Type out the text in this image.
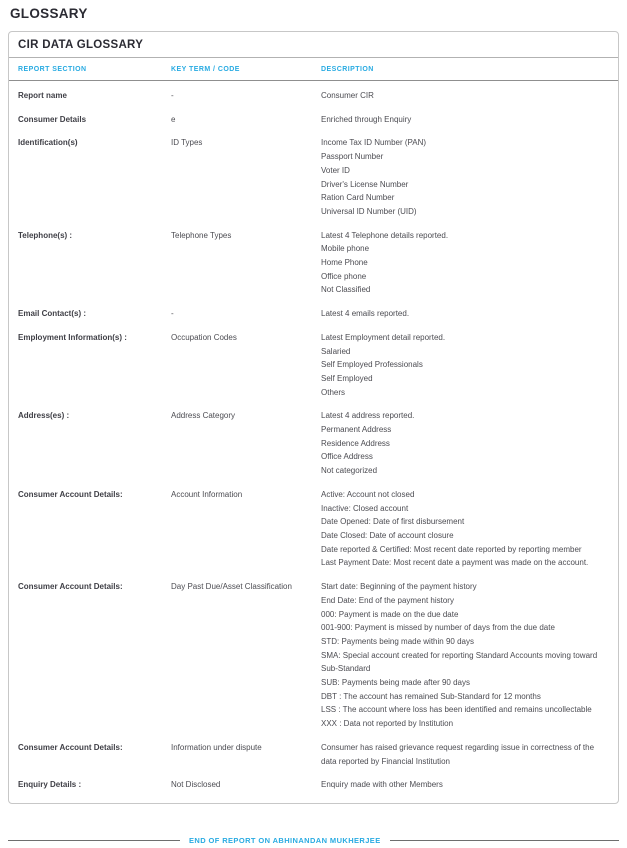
GLOSSARY
CIR DATA GLOSSARY
REPORT SECTION	KEY TERM / CODE	DESCRIPTION
Report name	-	Consumer CIR
Consumer Details	e	Enriched through Enquiry
Identification(s)	ID Types	Income Tax ID Number (PAN)
Passport Number
Voter ID
Driver's License Number
Ration Card Number
Universal ID Number (UID)
Telephone(s) :	Telephone Types	Latest 4 Telephone details reported.
Mobile phone
Home Phone
Office phone
Not Classified
Email Contact(s) :	-	Latest 4 emails reported.
Employment Information(s) :	Occupation Codes	Latest Employment detail reported.
Salaried
Self Employed Professionals
Self Employed
Others
Address(es) :	Address Category	Latest 4 address reported.
Permanent Address
Residence Address
Office Address
Not categorized
Consumer Account Details:	Account Information	Active: Account not closed
Inactive: Closed account
Date Opened: Date of first disbursement
Date Closed: Date of account closure
Date reported & Certified: Most recent date reported by reporting member
Last Payment Date: Most recent date a payment was made on the account.
Consumer Account Details:	Day Past Due/Asset Classification	Start date: Beginning of the payment history
End Date: End of the payment history
000: Payment is made on the due date
001-900: Payment is missed by number of days from the due date
STD: Payments being made within 90 days
SMA: Special account created for reporting Standard Accounts moving toward Sub-Standard
SUB: Payments being made after 90 days
DBT : The account has remained Sub-Standard for 12 months
LSS : The account where loss has been identified and remains uncollectable
XXX : Data not reported by Institution
Consumer Account Details:	Information under dispute	Consumer has raised grievance request regarding issue in correctness of the data reported by Financial Institution
Enquiry Details :	Not Disclosed	Enquiry made with other Members
END OF REPORT ON ABHINANDAN MUKHERJEE
